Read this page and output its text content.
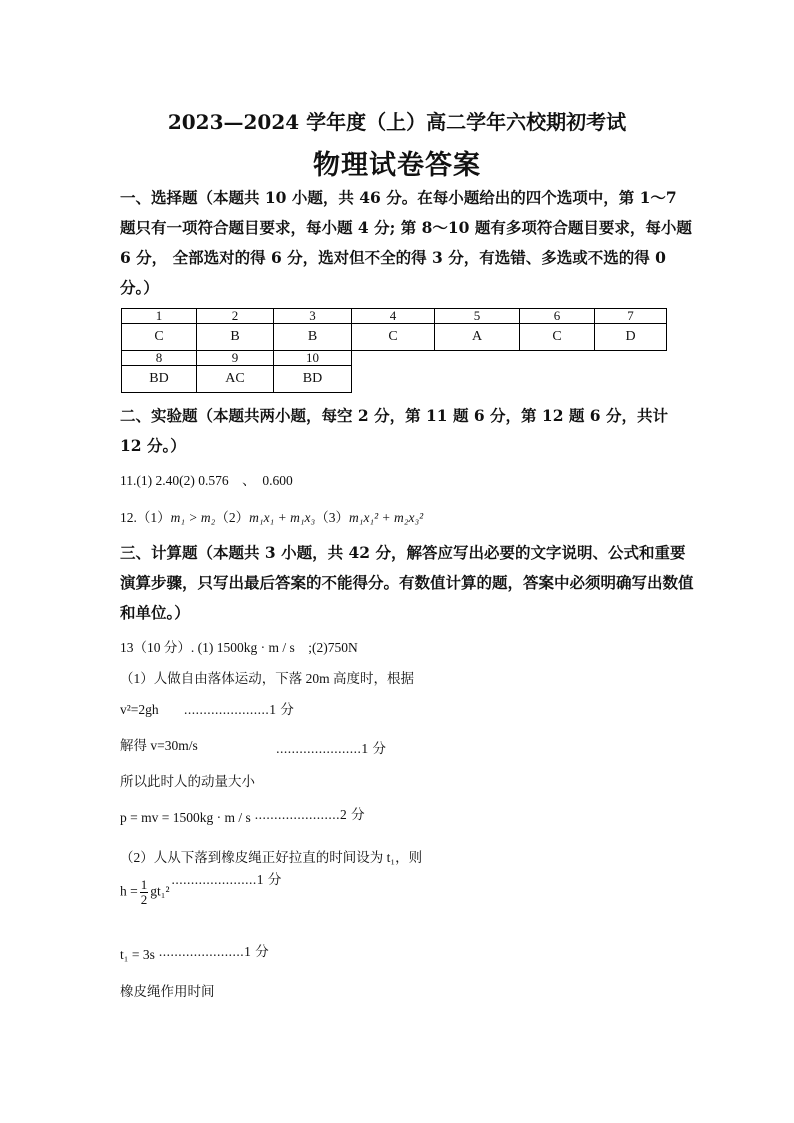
2023—2024 学年度（上）高二学年六校期初考试
物理试卷答案
一、选择题（本题共 10 小题，共 46 分。在每小题给出的四个选项中，第 1～7 题只有一项符合题目要求，每小题 4 分; 第 8～10 题有多项符合题目要求，每小题 6 分， 全部选对的得 6 分，选对但不全的得 3 分，有选错、多选或不选的得 0 分。）
1	2	3	4	5	6	7
C	B	B	C	A	C	D
8	9	10				
BD	AC	BD				
二、实验题（本题共两小题，每空 2 分，第 11 题 6 分，第 12 题 6 分，共计 12 分。）
11.(1) 2.40(2) 0.576　、　0.600
12.（1）m₁ > m₂（2）m₁x₁ + m₁x₃（3）m₁x₁² + m₂x₃²
三、计算题（本题共 3 小题，共 42 分，解答应写出必要的文字说明、公式和重要演算步骤，只写出最后答案的不能得分。有数值计算的题，答案中必须明确写出数值和单位。）
13（10 分）. (1) 1500kg · m / s　;(2)750N
（1）人做自由落体运动，下落 20m 高度时，根据
v²=2gh ......................1 分
解得 v=30m/s	......................1 分
所以此时人的动量大小
p = mv = 1500kg · m / s ......................2 分
（2）人从下落到橡皮绳正好拉直的时间设为 t₁，则
$h = \frac{1}{2} gt_1^2......................1$ 分
t₁ = 3s ......................1 分
橡皮绳作用时间
